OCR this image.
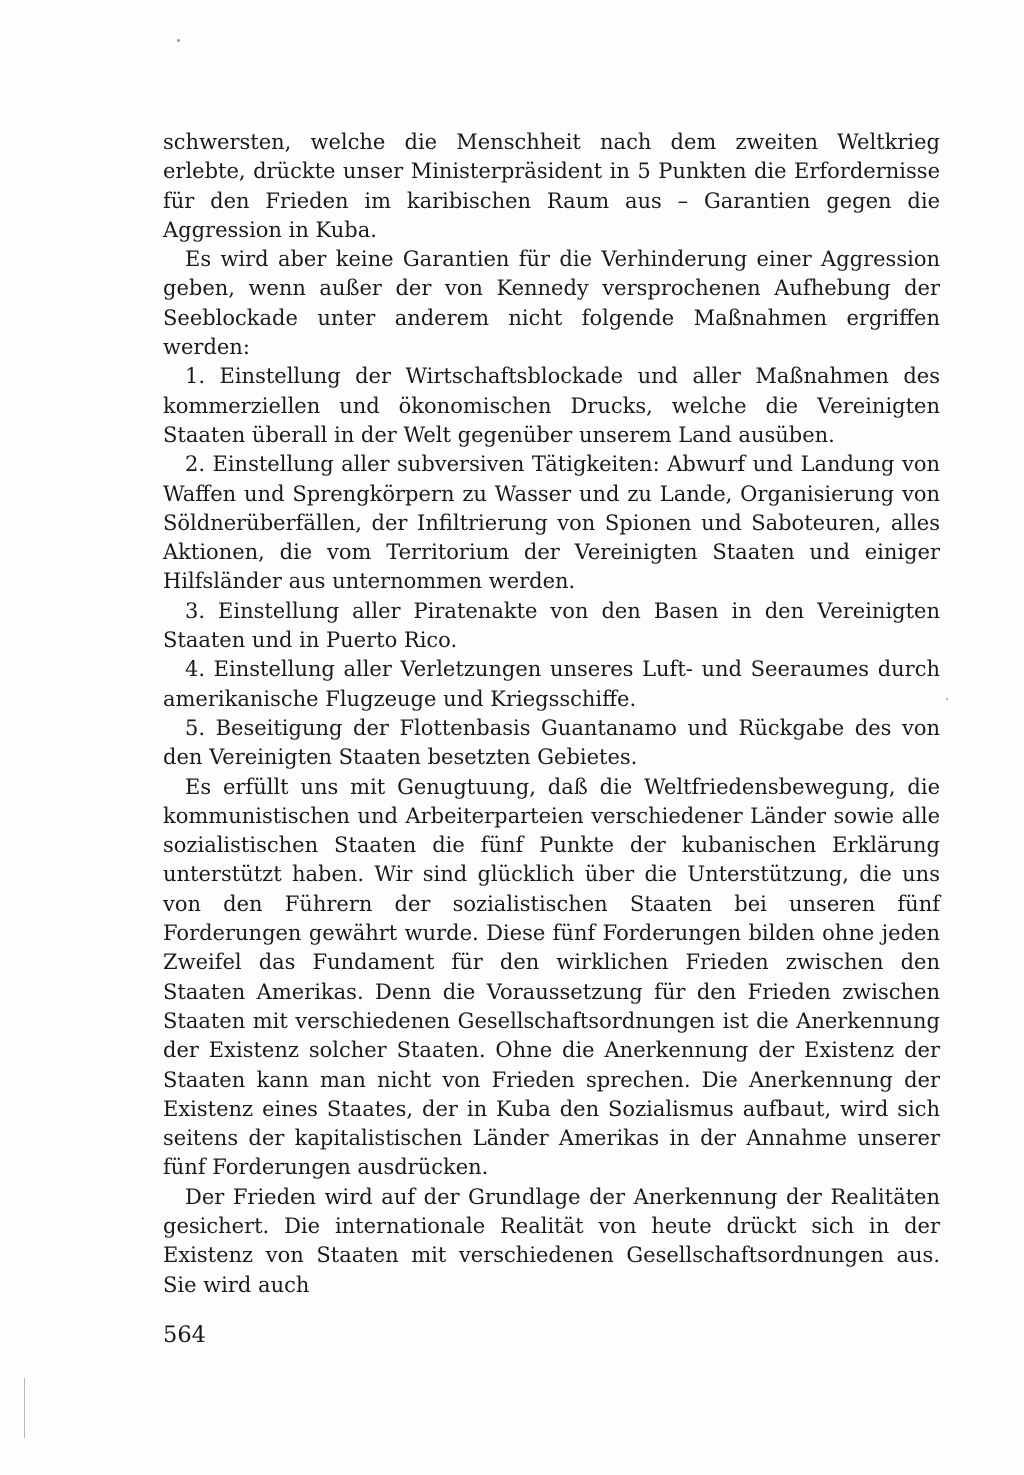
schwersten, welche die Menschheit nach dem zweiten Weltkrieg erlebte, drückte unser Ministerpräsident in 5 Punkten die Erfordernisse für den Frieden im karibischen Raum aus – Garantien gegen die Aggression in Kuba.

Es wird aber keine Garantien für die Verhinderung einer Aggression geben, wenn außer der von Kennedy versprochenen Aufhebung der Seeblockade unter anderem nicht folgende Maßnahmen ergriffen werden:

1. Einstellung der Wirtschaftsblockade und aller Maßnahmen des kommerziellen und ökonomischen Drucks, welche die Vereinigten Staaten überall in der Welt gegenüber unserem Land ausüben.

2. Einstellung aller subversiven Tätigkeiten: Abwurf und Landung von Waffen und Sprengkörpern zu Wasser und zu Lande, Organisierung von Söldnerüberfällen, der Infiltrierung von Spionen und Saboteuren, alles Aktionen, die vom Territorium der Vereinigten Staaten und einiger Hilfsländer aus unternommen werden.

3. Einstellung aller Piratenakte von den Basen in den Vereinigten Staaten und in Puerto Rico.

4. Einstellung aller Verletzungen unseres Luft- und Seeraumes durch amerikanische Flugzeuge und Kriegsschiffe.

5. Beseitigung der Flottenbasis Guantanamo und Rückgabe des von den Vereinigten Staaten besetzten Gebietes.

Es erfüllt uns mit Genugtuung, daß die Weltfriedensbewegung, die kommunistischen und Arbeiterparteien verschiedener Länder sowie alle sozialistischen Staaten die fünf Punkte der kubanischen Erklärung unterstützt haben. Wir sind glücklich über die Unterstützung, die uns von den Führern der sozialistischen Staaten bei unseren fünf Forderungen gewährt wurde. Diese fünf Forderungen bilden ohne jeden Zweifel das Fundament für den wirklichen Frieden zwischen den Staaten Amerikas. Denn die Voraussetzung für den Frieden zwischen Staaten mit verschiedenen Gesellschaftsordnungen ist die Anerkennung der Existenz solcher Staaten. Ohne die Anerkennung der Existenz der Staaten kann man nicht von Frieden sprechen. Die Anerkennung der Existenz eines Staates, der in Kuba den Sozialismus aufbaut, wird sich seitens der kapitalistischen Länder Amerikas in der Annahme unserer fünf Forderungen ausdrücken.

Der Frieden wird auf der Grundlage der Anerkennung der Realitäten gesichert. Die internationale Realität von heute drückt sich in der Existenz von Staaten mit verschiedenen Gesellschaftsordnungen aus. Sie wird auch

564
